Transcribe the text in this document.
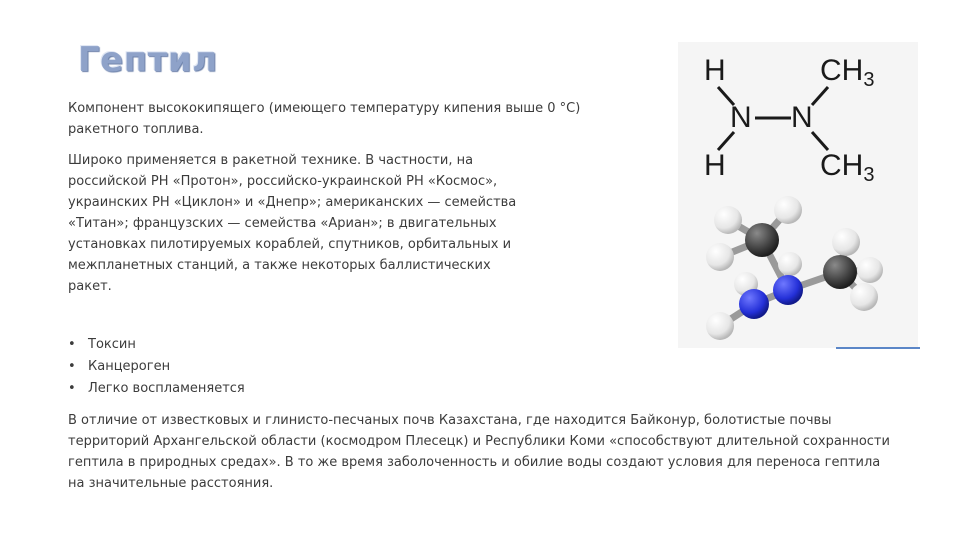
Гептил
Компонент высококипящего (имеющего температуру кипения выше 0 °C) ракетного топлива.
Широко применяется в ракетной технике. В частности, на российской РН «Протон», российско-украинской РН «Космос», украинских РН «Циклон» и «Днепр»; американских — семейства «Титан»; французских — семейства «Ариан»; в двигательных установках пилотируемых кораблей, спутников, орбитальных и межпланетных станций, а также некоторых баллистических ракет.
• Токсин
• Канцероген
• Легко воспламеняется
В отличие от известковых и глинисто-песчаных почв Казахстана, где находится Байконур, болотистые почвы территорий Архангельской области (космодром Плесецк) и Республики Коми «способствуют длительной сохранности гептила в природных средах». В то же время заболоченность и обилие воды создают условия для переноса гептила на значительные расстояния.
H
H
N N
$CH_3$
$CH_3$
